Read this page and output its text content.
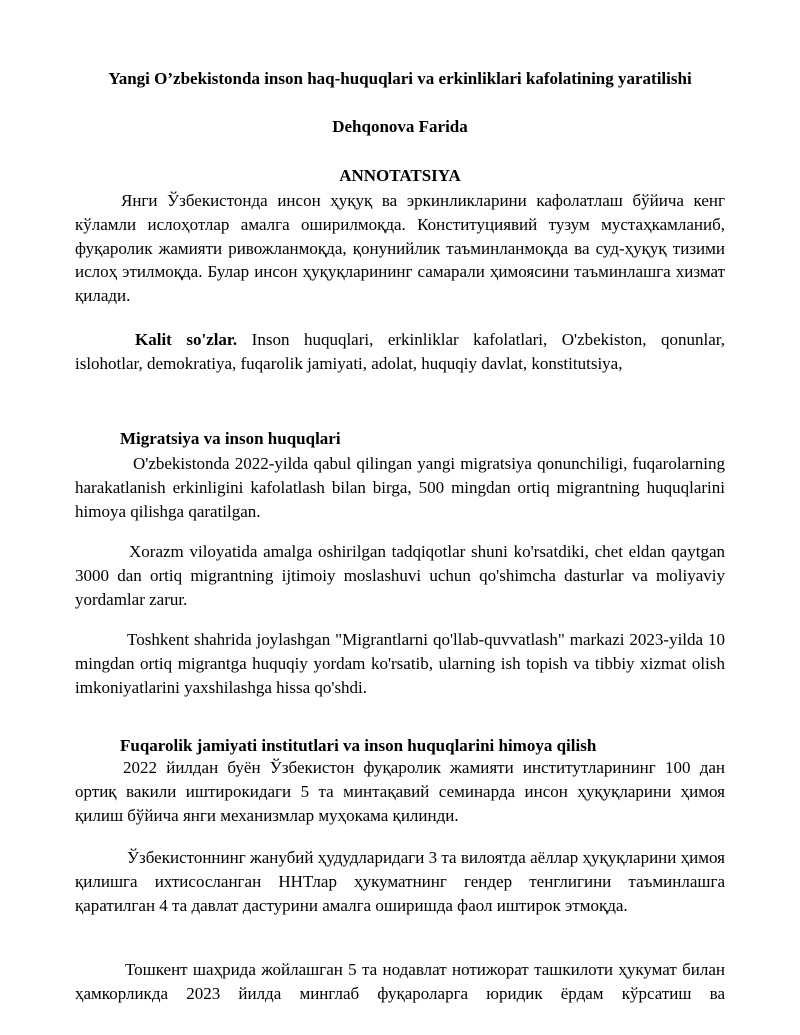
Yangi O’zbekistonda inson haq-huquqlari va erkinliklari kafolatining yaratilishi
Dehqonova Farida
ANNOTATSIYA

Янги Ўзбекистонда инсон ҳуқуқ ва эркинликларини кафолатлаш бўйича кенг кўламли ислоҳотлар амалга оширилмоқда. Конституциявий тузум мустаҳкамланиб, фуқаролик жамияти ривожланмоқда, қонунийлик таъминланмоқда ва суд-ҳуқуқ тизими ислоҳ этилмоқда. Булар инсон ҳуқуқларининг самарали ҳимоясини таъминлашга хизмат қилади.

Kalit so'zlar. Inson huquqlari, erkinliklar kafolatlari, O'zbekiston, qonunlar, islohotlar, demokratiya, fuqarolik jamiyati, adolat, huquqiy davlat, konstitutsiya,

Migratsiya va inson huquqlari

O'zbekistonda 2022-yilda qabul qilingan yangi migratsiya qonunchiligi, fuqarolarning harakatlanish erkinligini kafolatlash bilan birga, 500 mingdan ortiq migrantning huquqlarini himoya qilishga qaratilgan.

Xorazm viloyatida amalga oshirilgan tadqiqotlar shuni ko'rsatdiki, chet eldan qaytgan 3000 dan ortiq migrantning ijtimoiy moslashuvi uchun qo'shimcha dasturlar va moliyaviy yordamlar zarur.

Toshkent shahrida joylashgan "Migrantlarni qo'llab-quvvatlash" markazi 2023-yilda 10 mingdan ortiq migrantga huquqiy yordam ko'rsatib, ularning ish topish va tibbiy xizmat olish imkoniyatlarini yaxshilashga hissa qo'shdi.

Fuqarolik jamiyati institutlari va inson huquqlarini himoya qilish

2022 йилдан буён Ўзбекистон фуқаролик жамияти институтларининг 100 дан ортиқ вакили иштирокидаги 5 та минтақавий семинарда инсон ҳуқуқларини ҳимоя қилиш бўйича янги механизмлар муҳокама қилинди.

Ўзбекистоннинг жанубий ҳудудларидаги 3 та вилоятда аёллар ҳуқуқларини ҳимоя қилишга ихтисосланган ННТлар ҳукуматнинг гендер тенглигини таъминлашга қаратилган 4 та давлат дастурини амалга оширишда фаол иштирок этмоқда.

Тошкент шаҳрида жойлашган 5 та нодавлат нотижорат ташкилоти ҳукумат билан ҳамкорликда 2023 йилда минглаб фуқароларга юридик ёрдам кўрсатиш ва
